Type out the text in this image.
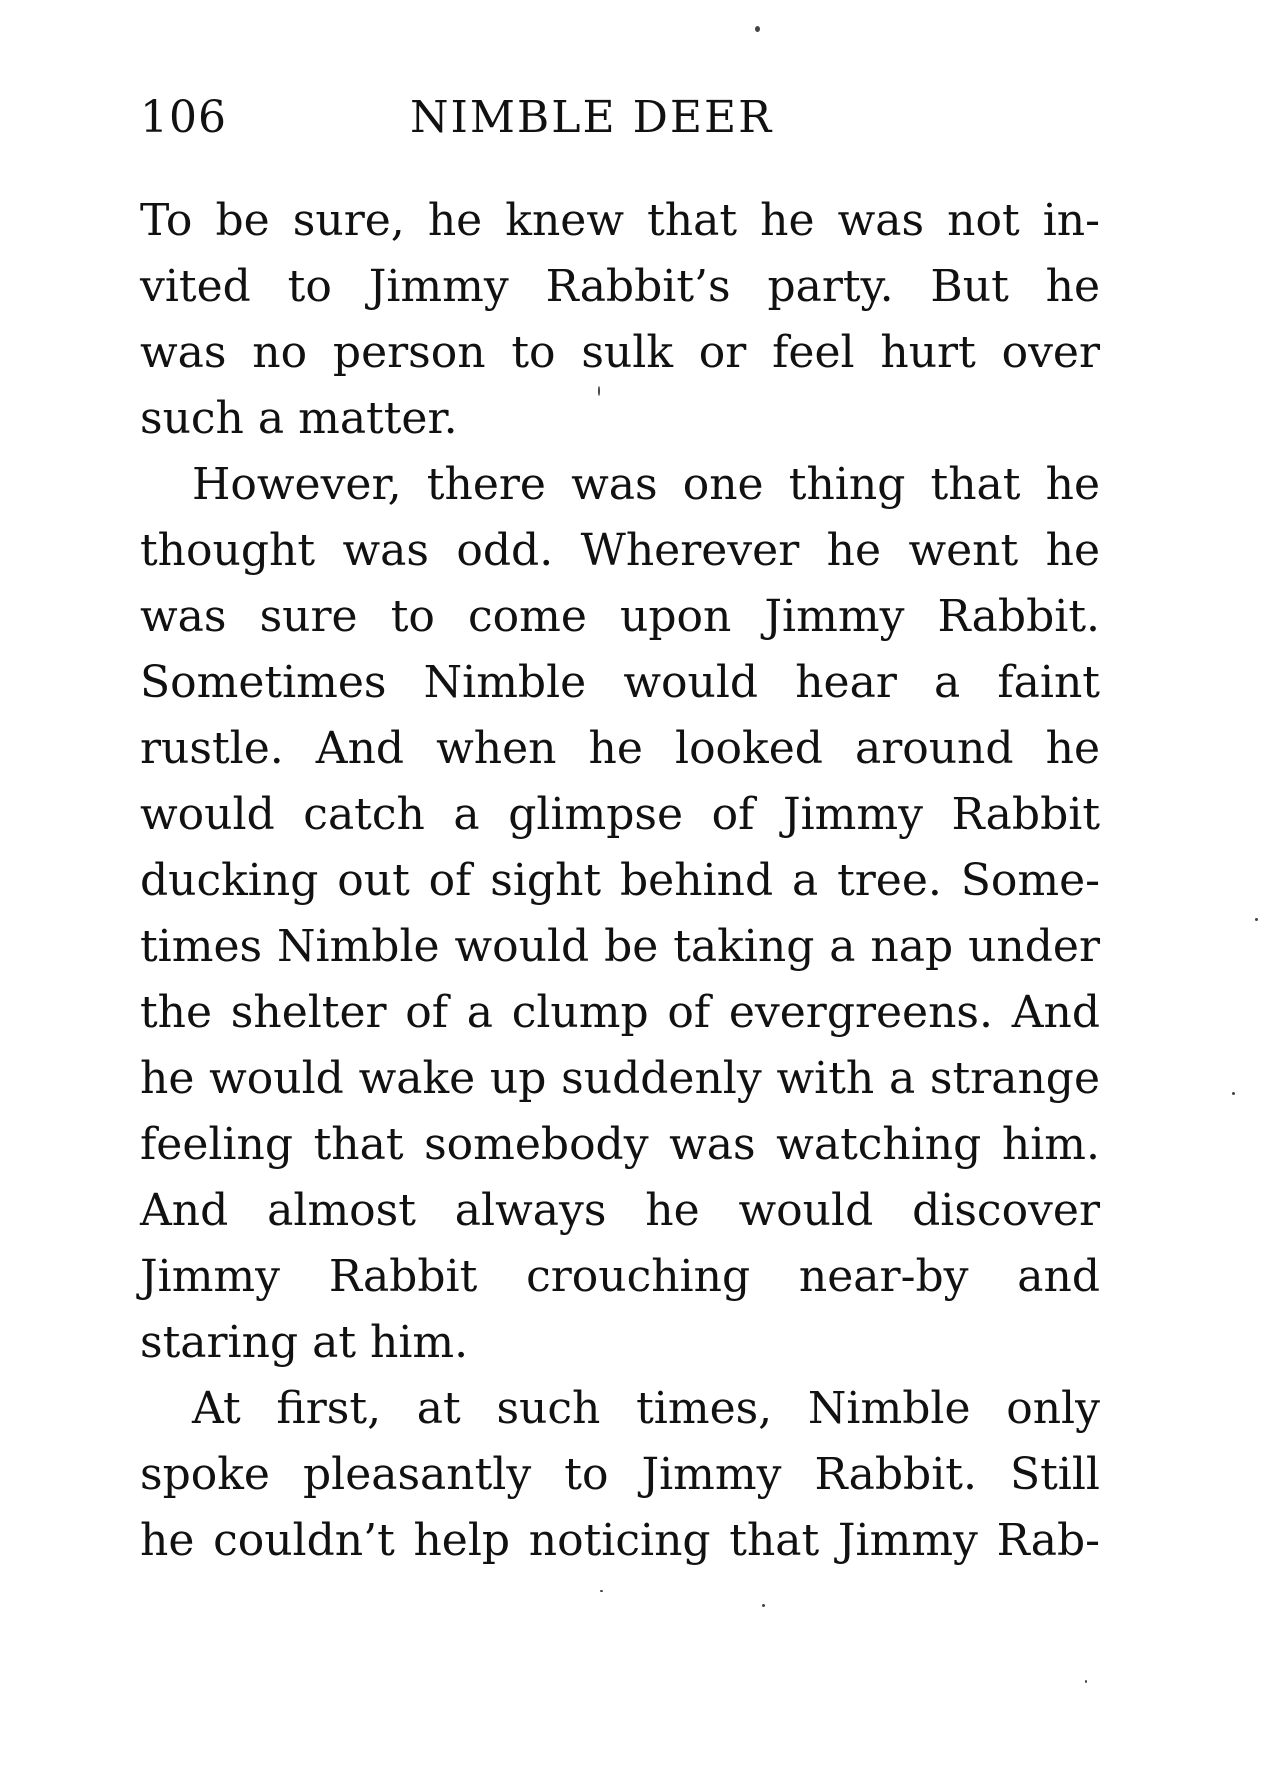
106	NIMBLE DEER
To be sure, he knew that he was not in-
vited to Jimmy Rabbit’s party. But he
was no person to sulk or feel hurt over
such a matter.
However, there was one thing that he
thought was odd. Wherever he went he
was sure to come upon Jimmy Rabbit.
Sometimes Nimble would hear a faint
rustle. And when he looked around he
would catch a glimpse of Jimmy Rabbit
ducking out of sight behind a tree. Some-
times Nimble would be taking a nap under
the shelter of a clump of evergreens. And
he would wake up suddenly with a strange
feeling that somebody was watching him.
And almost always he would discover
Jimmy Rabbit crouching near-by and
staring at him.
At first, at such times, Nimble only
spoke pleasantly to Jimmy Rabbit. Still
he couldn’t help noticing that Jimmy Rab-
